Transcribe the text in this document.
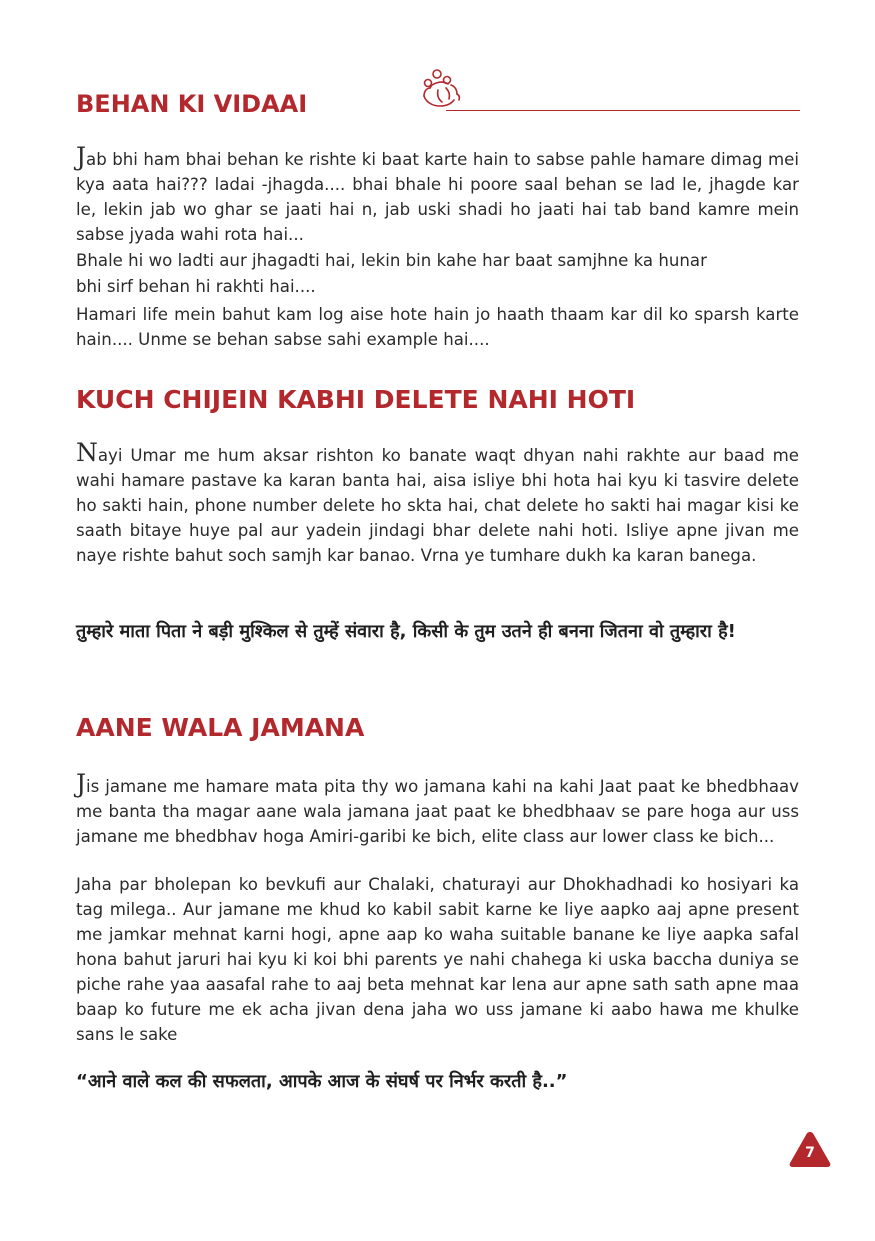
BEHAN KI VIDAAI

Jab bhi ham bhai behan ke rishte ki baat karte hain to sabse pahle hamare dimag mei kya aata hai??? ladai -jhagda.... bhai bhale hi poore saal behan se lad le, jhagde kar le, lekin jab wo ghar se jaati hai n, jab uski shadi ho jaati hai tab band kamre mein sabse jyada wahi rota hai...

Bhale hi wo ladti aur jhagadti hai, lekin bin kahe har baat samjhne ka hunar

bhi sirf behan hi rakhti hai....

Hamari life mein bahut kam log aise hote hain jo haath thaam kar dil ko sparsh karte hain.... Unme se behan sabse sahi example hai....

KUCH CHIJEIN KABHI DELETE NAHI HOTI

Nayi Umar me hum aksar rishton ko banate waqt dhyan nahi rakhte aur baad me wahi hamare pastave ka karan banta hai, aisa isliye bhi hota hai kyu ki tasvire delete ho sakti hain, phone number delete ho skta hai, chat delete ho sakti hai magar kisi ke saath bitaye huye pal aur yadein jindagi bhar delete nahi hoti. Isliye apne jivan me naye rishte bahut soch samjh kar banao. Vrna ye tumhare dukh ka karan banega.

तुम्हारे माता पिता ने बड़ी मुश्किल से तुम्हें संवारा है, किसी के तुम उतने ही बनना जितना वो तुम्हारा है!

AANE WALA JAMANA

Jis jamane me hamare mata pita thy wo jamana kahi na kahi Jaat paat ke bhedbhaav me banta tha magar aane wala jamana jaat paat ke bhedbhaav se pare hoga aur uss jamane me bhedbhav hoga Amiri-garibi ke bich, elite class aur lower class ke bich...

Jaha par bholepan ko bevkufi aur Chalaki, chaturayi aur Dhokhadhadi ko hosiyari ka tag milega.. Aur jamane me khud ko kabil sabit karne ke liye aapko aaj apne present me jamkar mehnat karni hogi, apne aap ko waha suitable banane ke liye aapka safal hona bahut jaruri hai kyu ki koi bhi parents ye nahi chahega ki uska baccha duniya se piche rahe yaa aasafal rahe to aaj beta mehnat kar lena aur apne sath sath apne maa baap ko future me ek acha jivan dena jaha wo uss jamane ki aabo hawa me khulke sans le sake

“आने वाले कल की सफलता, आपके आज के संघर्ष पर निर्भर करती है..”

7
